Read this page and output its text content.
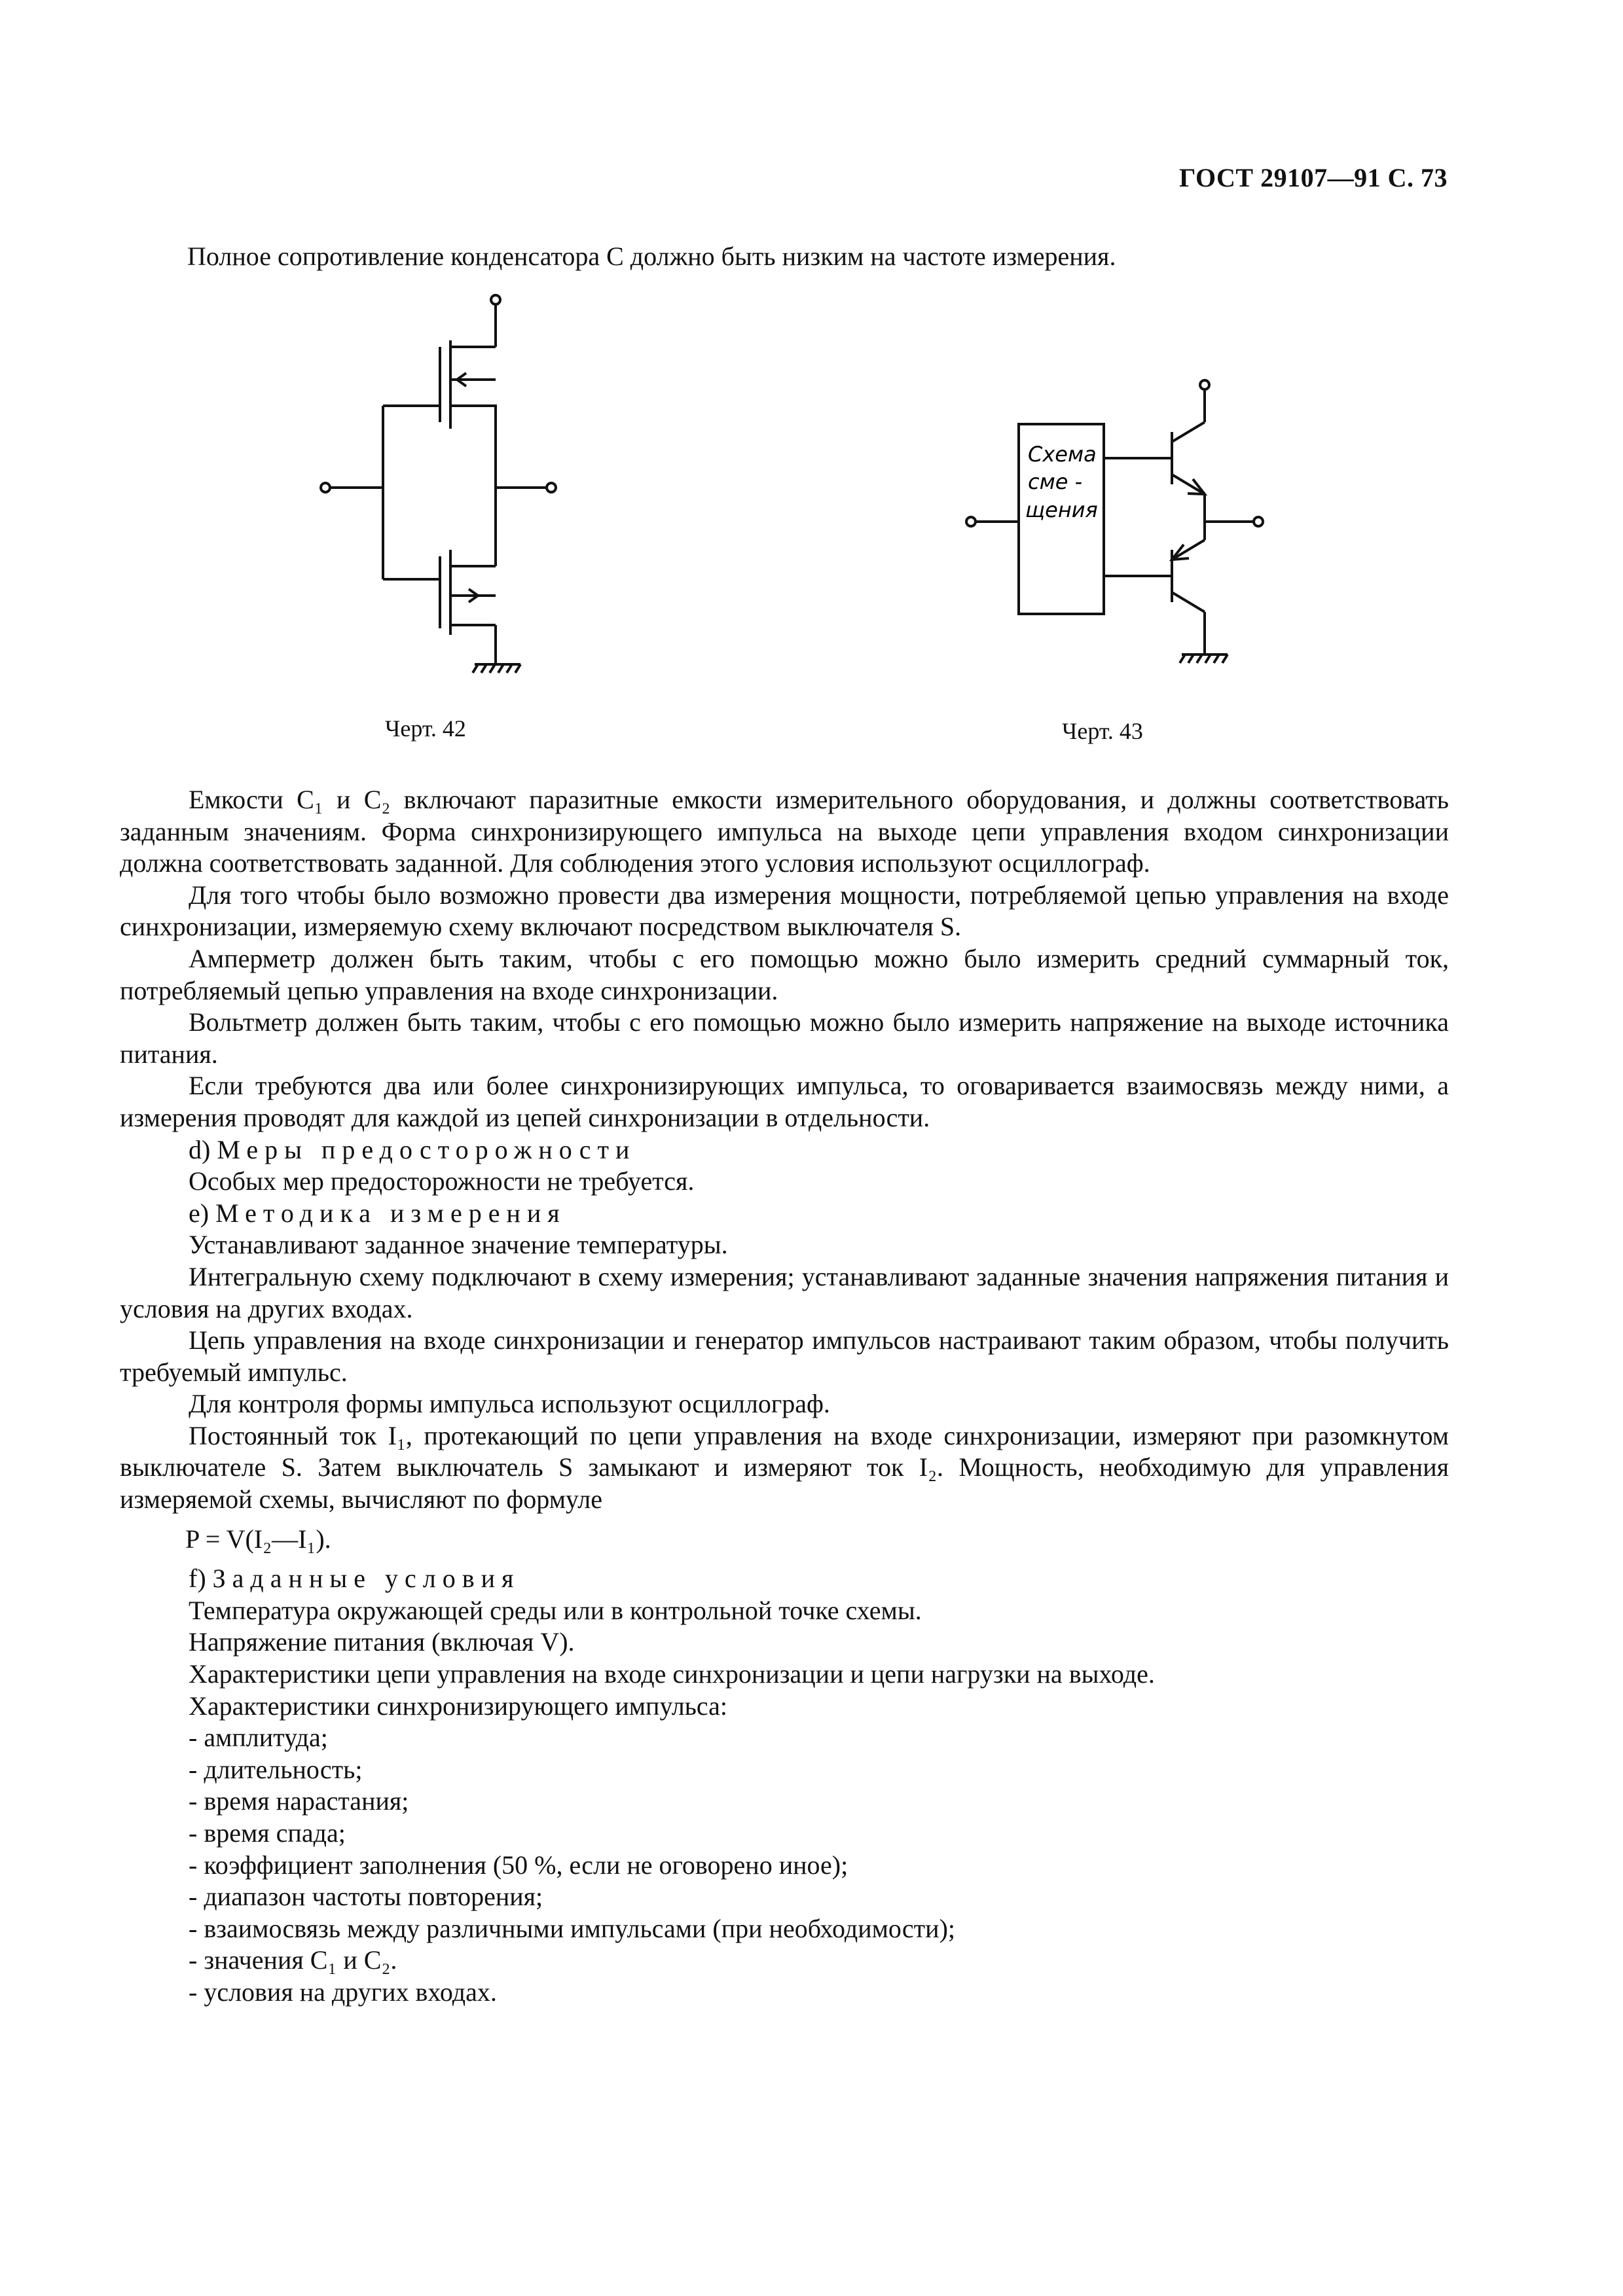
ГОСТ 29107—91 С. 73
Полное сопротивление конденсатора C должно быть низким на частоте измерения.
Схема
сме -
щения
Черт. 42	Черт. 43

Емкости C₁ и C₂ включают паразитные емкости измерительного оборудования, и должны соответствовать заданным значениям. Форма синхронизирующего импульса на выходе цепи управления входом синхронизации должна соответствовать заданной. Для соблюдения этого условия используют осциллограф.

Для того чтобы было возможно провести два измерения мощности, потребляемой цепью управления на входе синхронизации, измеряемую схему включают посредством выключателя S.

Амперметр должен быть таким, чтобы с его помощью можно было измерить средний суммарный ток, потребляемый цепью управления на входе синхронизации.

Вольтметр должен быть таким, чтобы с его помощью можно было измерить напряжение на выходе источника питания.

Если требуются два или более синхронизирующих импульса, то оговаривается взаимосвязь между ними, а измерения проводят для каждой из цепей синхронизации в отдельности.

d) Меры предосторожности

Особых мер предосторожности не требуется.

e) Методика измерения

Устанавливают заданное значение температуры.

Интегральную схему подключают в схему измерения; устанавливают заданные значения напряжения питания и условия на других входах.

Цепь управления на входе синхронизации и генератор импульсов настраивают таким образом, чтобы получить требуемый импульс.

Для контроля формы импульса используют осциллограф.

Постоянный ток I₁, протекающий по цепи управления на входе синхронизации, измеряют при разомкнутом выключателе S. Затем выключатель S замыкают и измеряют ток I₂. Мощность, необходимую для управления измеряемой схемы, вычисляют по формуле

P = V(I₂—I₁).

f) Заданные условия

Температура окружающей среды или в контрольной точке схемы.

Напряжение питания (включая V).

Характеристики цепи управления на входе синхронизации и цепи нагрузки на выходе.

Характеристики синхронизирующего импульса:

- амплитуда;
- длительность;
- время нарастания;
- время спада;
- коэффициент заполнения (50 %, если не оговорено иное);
- диапазон частоты повторения;
- взаимосвязь между различными импульсами (при необходимости);
- значения C₁ и C₂.
- условия на других входах.
